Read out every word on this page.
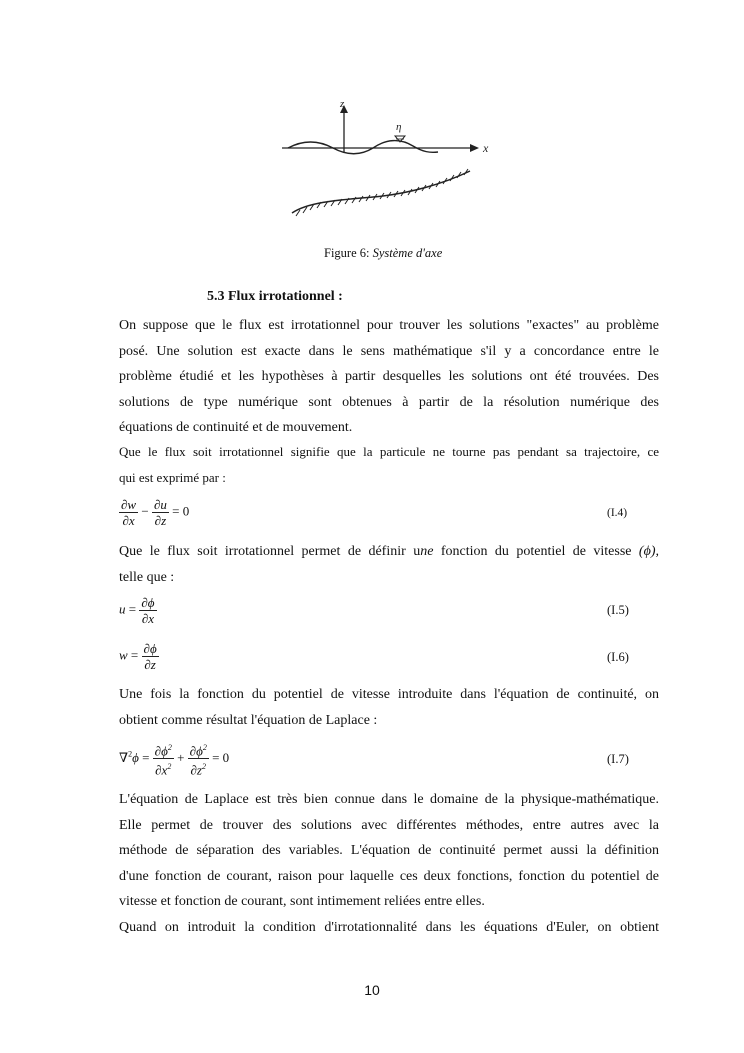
z
x
η
Figure 6: Système d'axe
5.3 Flux irrotationnel :
On suppose que le flux est irrotationnel pour trouver les solutions "exactes" au problème
posé. Une solution est exacte dans le sens mathématique s'il y a concordance entre le
problème étudié et les hypothèses à partir desquelles les solutions ont été trouvées. Des
solutions de type numérique sont obtenues à partir de la résolution numérique des
équations de continuité et de mouvement.
Que le flux soit irrotationnel signifie que la particule ne tourne pas pendant sa trajectoire, ce
qui est exprimé par :
$\frac{\partial w}{\partial x} - \frac{\partial u}{\partial z} = 0$	(I.4)
Que le flux soit irrotationnel permet de définir une fonction du potentiel de vitesse (ϕ),
telle que :
$u = \frac{\partial\phi}{\partial x}$	(I.5)
$w = \frac{\partial\phi}{\partial z}$	(I.6)
Une fois la fonction du potentiel de vitesse introduite dans l'équation de continuité, on
obtient comme résultat l'équation de Laplace :
$\nabla^2\phi = \frac{\partial\phi^2}{\partial x^2} + \frac{\partial\phi^2}{\partial z^2} = 0$	(I.7)
L'équation de Laplace est très bien connue dans le domaine de la physique-mathématique.
Elle permet de trouver des solutions avec différentes méthodes, entre autres avec la
méthode de séparation des variables. L'équation de continuité permet aussi la définition
d'une fonction de courant, raison pour laquelle ces deux fonctions, fonction du potentiel de
vitesse et fonction de courant, sont intimement reliées entre elles.
Quand on introduit la condition d'irrotationnalité dans les équations d'Euler, on obtient
10
